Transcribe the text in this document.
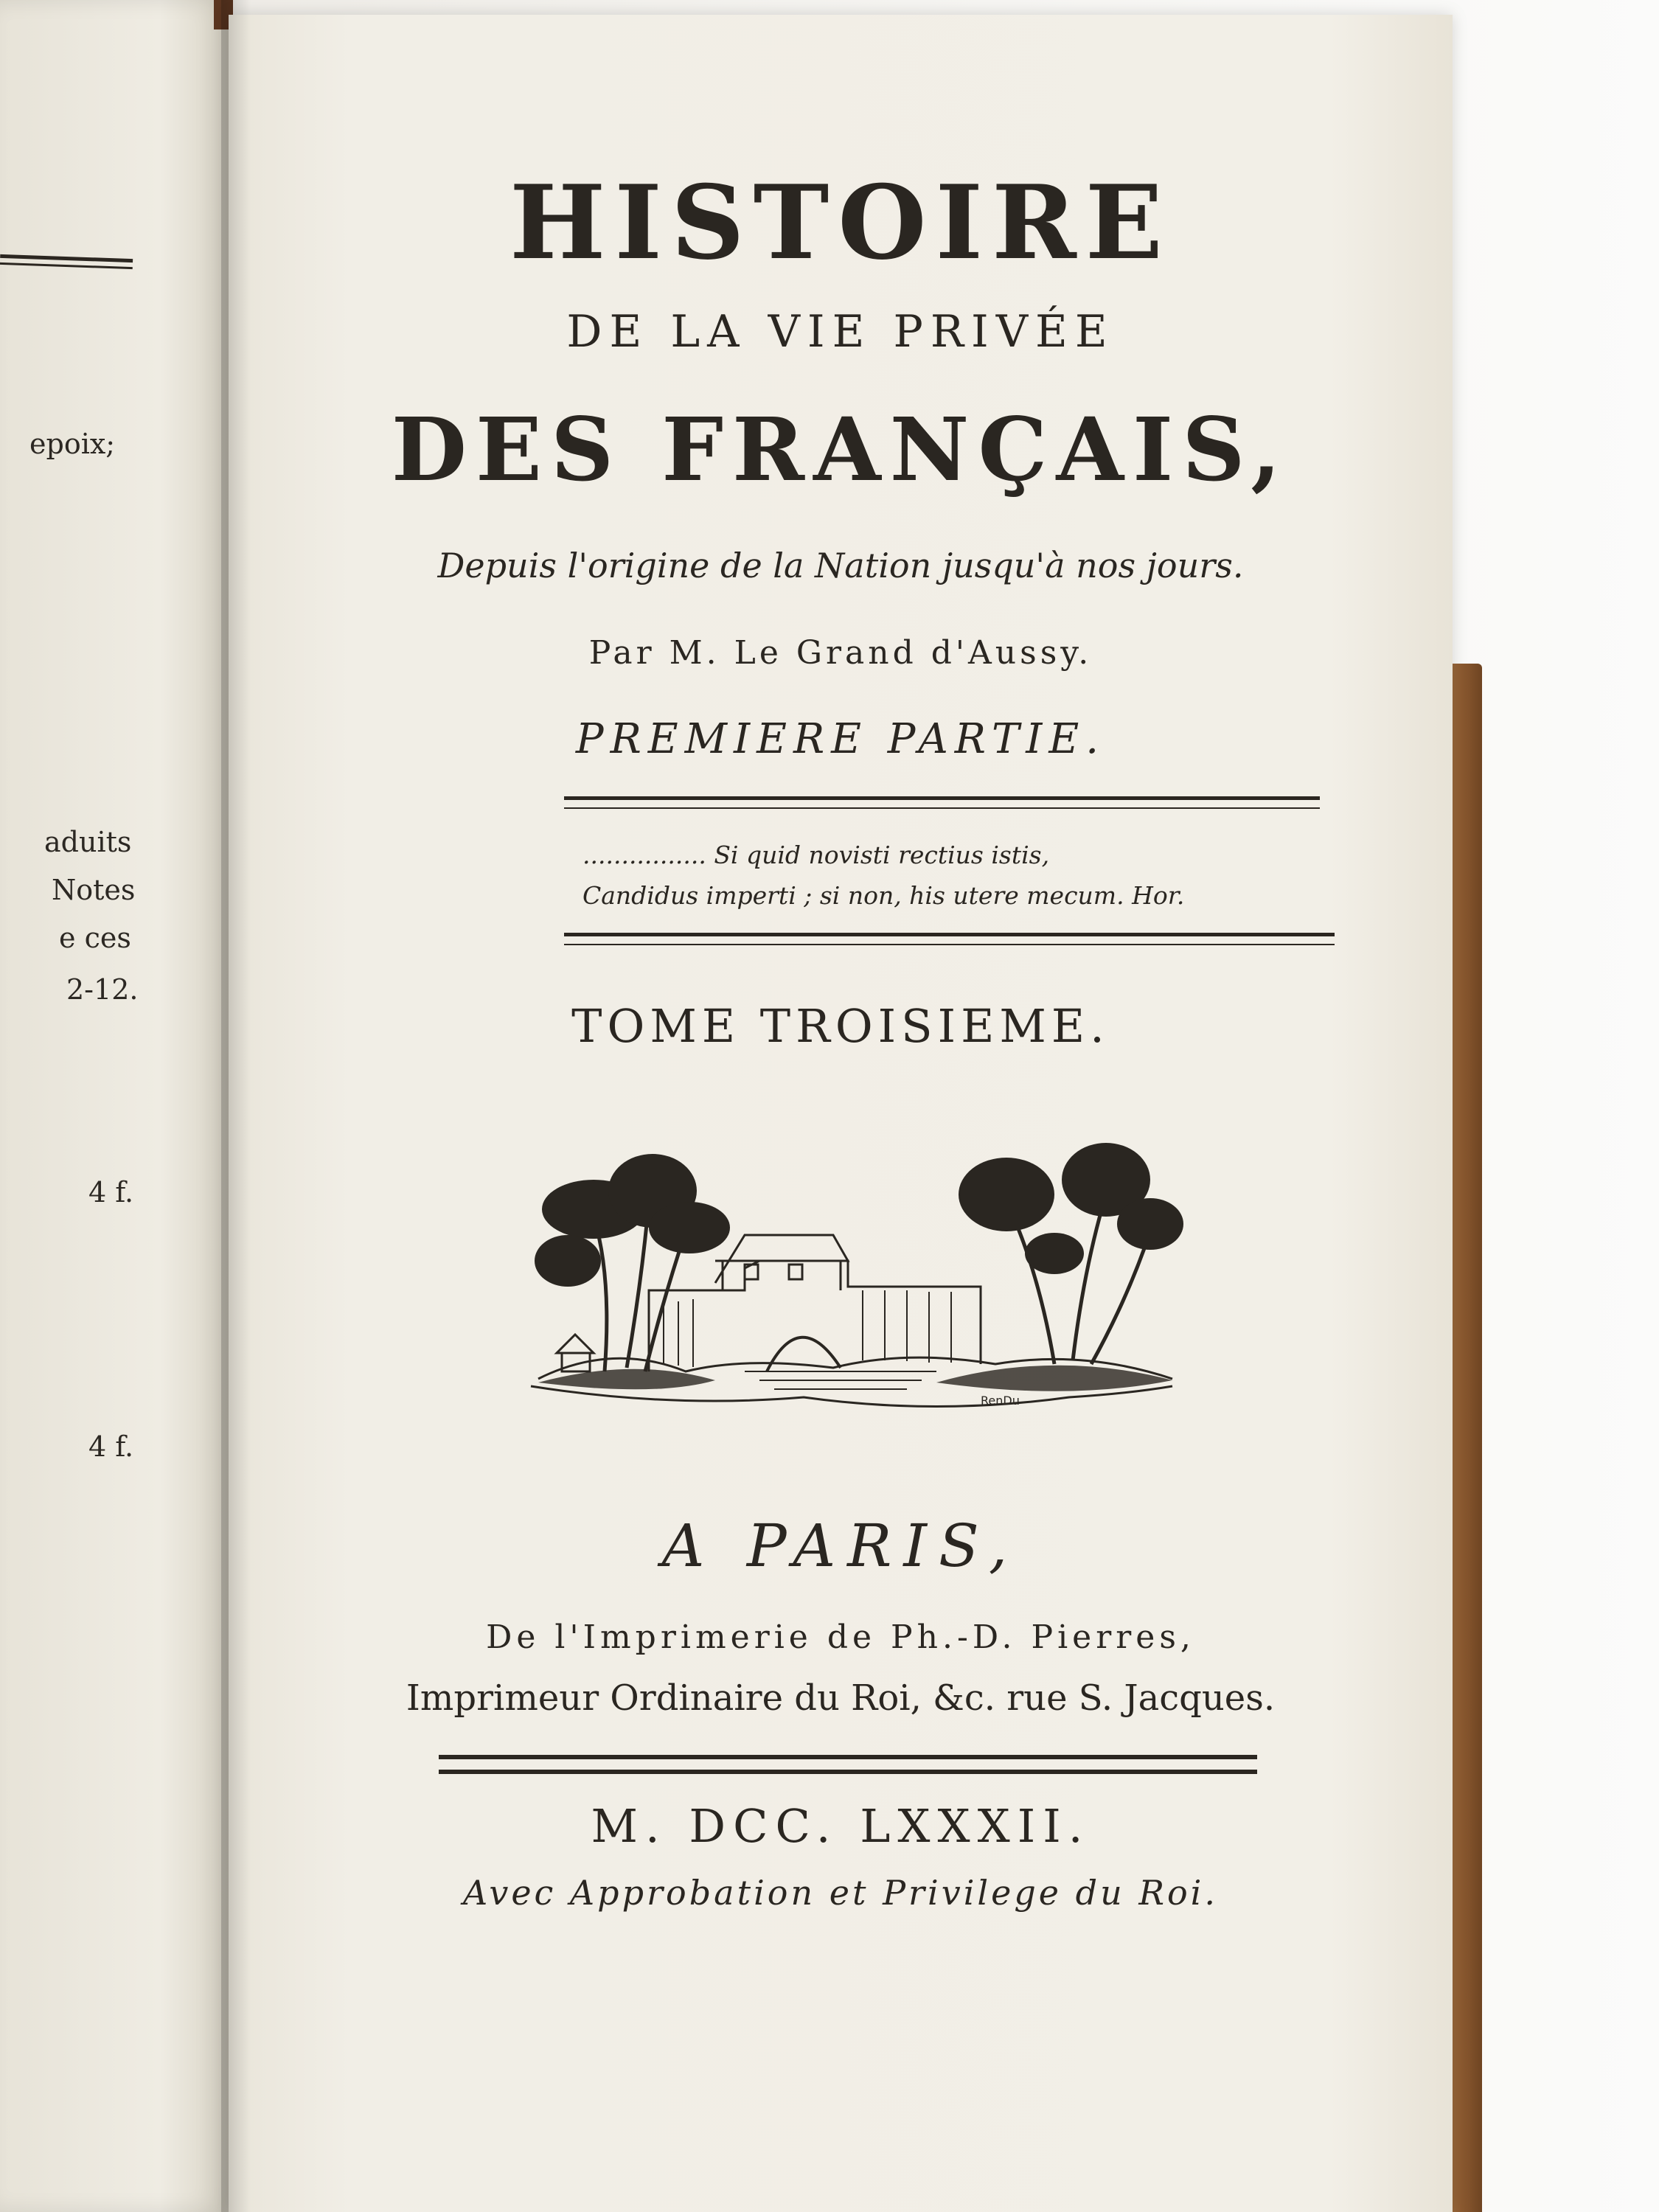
epoix;
aduits
Notes
e ces
2-12.
4 f.
4 f.
HISTOIRE
DE LA VIE PRIVÉE
DES FRANÇAIS,
Depuis l'origine de la Nation jusqu'à nos jours.
Par M. Le Grand d'Aussy.
PREMIERE PARTIE.
................ Si quid novisti rectius istis,
Candidus imperti ; si non, his utere mecum. Hor.
TOME TROISIEME.
RenDu
A PARIS,
De l'Imprimerie de Ph.-D. Pierres,
Imprimeur Ordinaire du Roi, &c. rue S. Jacques.
M. DCC. LXXXII.
Avec Approbation et Privilege du Roi.
